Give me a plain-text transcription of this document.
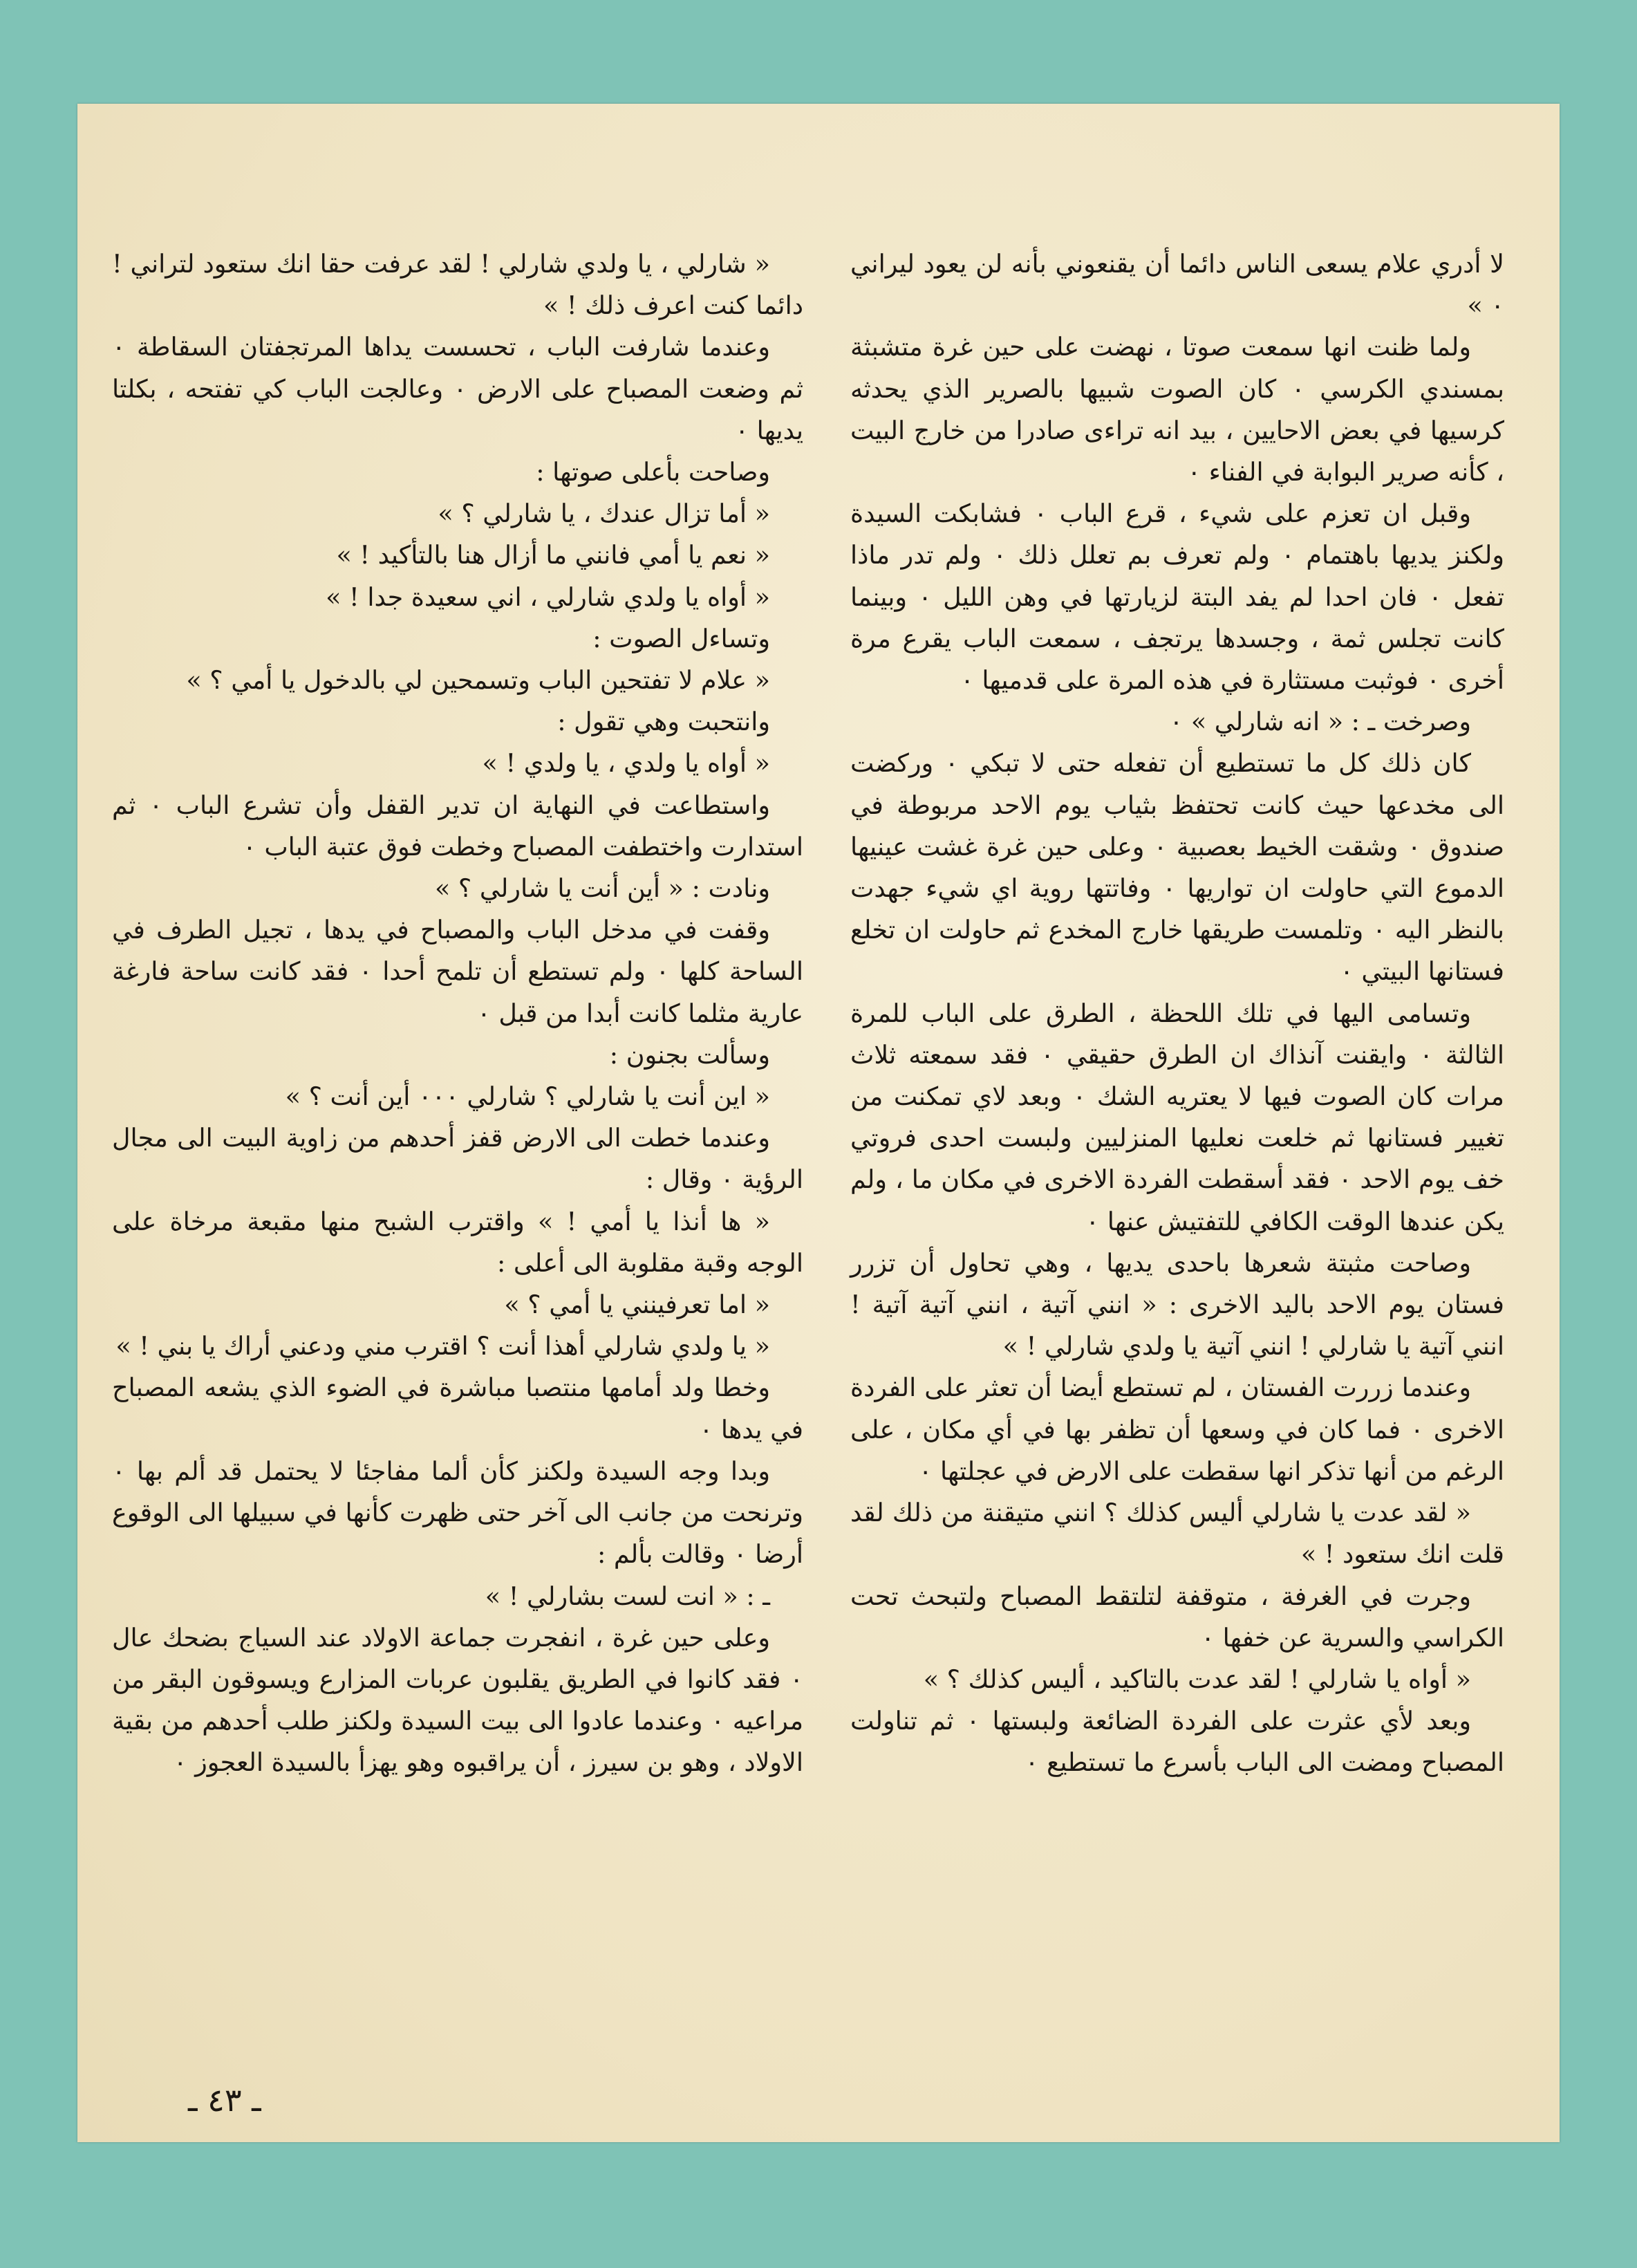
لا أدري علام يسعى الناس دائما أن يقنعوني بأنه لن يعود ليراني ٠ »

ولما ظنت انها سمعت صوتا ، نهضت على حين غرة متشبثة بمسندي الكرسي ٠ كان الصوت شبيها بالصرير الذي يحدثه كرسيها في بعض الاحايين ، بيد انه تراءى صادرا من خارج البيت ، كأنه صرير البوابة في الفناء ٠

وقبل ان تعزم على شيء ، قرع الباب ٠ فشابكت السيدة ولكنز يديها باهتمام ٠ ولم تعرف بم تعلل ذلك ٠ ولم تدر ماذا تفعل ٠ فان احدا لم يفد البتة لزيارتها في وهن الليل ٠ وبينما كانت تجلس ثمة ، وجسدها يرتجف ، سمعت الباب يقرع مرة أخرى ٠ فوثبت مستثارة في هذه المرة على قدميها ٠

وصرخت ـ : « انه شارلي » ٠

كان ذلك كل ما تستطيع أن تفعله حتى لا تبكي ٠ وركضت الى مخدعها حيث كانت تحتفظ بثياب يوم الاحد مربوطة في صندوق ٠ وشقت الخيط بعصبية ٠ وعلى حين غرة غشت عينيها الدموع التي حاولت ان تواريها ٠ وفاتتها روية اي شيء جهدت بالنظر اليه ٠ وتلمست طريقها خارج المخدع ثم حاولت ان تخلع فستانها البيتي ٠

وتسامى اليها في تلك اللحظة ، الطرق على الباب للمرة الثالثة ٠ وايقنت آنذاك ان الطرق حقيقي ٠ فقد سمعته ثلاث مرات كان الصوت فيها لا يعتريه الشك ٠ وبعد لاي تمكنت من تغيير فستانها ثم خلعت نعليها المنزليين ولبست احدى فروتي خف يوم الاحد ٠ فقد أسقطت الفردة الاخرى في مكان ما ، ولم يكن عندها الوقت الكافي للتفتيش عنها ٠

وصاحت مثبتة شعرها باحدى يديها ، وهي تحاول أن تزرر فستان يوم الاحد باليد الاخرى : « انني آتية ، انني آتية آتية ! انني آتية يا شارلي ! انني آتية يا ولدي شارلي ! »

وعندما زررت الفستان ، لم تستطع أيضا أن تعثر على الفردة الاخرى ٠ فما كان في وسعها أن تظفر بها في أي مكان ، على الرغم من أنها تذكر انها سقطت على الارض في عجلتها ٠

« لقد عدت يا شارلي أليس كذلك ؟ انني متيقنة من ذلك لقد قلت انك ستعود ! »

وجرت في الغرفة ، متوقفة لتلتقط المصباح ولتبحث تحت الكراسي والسرية عن خفها ٠

« أواه يا شارلي ! لقد عدت بالتاكيد ، أليس كذلك ؟ »

وبعد لأي عثرت على الفردة الضائعة ولبستها ٠ ثم تناولت المصباح ومضت الى الباب بأسرع ما تستطيع ٠

« شارلي ، يا ولدي شارلي ! لقد عرفت حقا انك ستعود لتراني ! دائما كنت اعرف ذلك ! »

وعندما شارفت الباب ، تحسست يداها المرتجفتان السقاطة ٠ ثم وضعت المصباح على الارض ٠ وعالجت الباب كي تفتحه ، بكلتا يديها ٠

وصاحت بأعلى صوتها :

« أما تزال عندك ، يا شارلي ؟ »

« نعم يا أمي فانني ما أزال هنا بالتأكيد ! »

« أواه يا ولدي شارلي ، اني سعيدة جدا ! »

وتساءل الصوت :

« علام لا تفتحين الباب وتسمحين لي بالدخول يا أمي ؟ »

وانتحبت وهي تقول :

« أواه يا ولدي ، يا ولدي ! »

واستطاعت في النهاية ان تدير القفل وأن تشرع الباب ٠ ثم استدارت واختطفت المصباح وخطت فوق عتبة الباب ٠

ونادت : « أين أنت يا شارلي ؟ »

وقفت في مدخل الباب والمصباح في يدها ، تجيل الطرف في الساحة كلها ٠ ولم تستطع أن تلمح أحدا ٠ فقد كانت ساحة فارغة عارية مثلما كانت أبدا من قبل ٠

وسألت بجنون :

« اين أنت يا شارلي ؟ شارلي ٠٠٠ أين أنت ؟ »

وعندما خطت الى الارض قفز أحدهم من زاوية البيت الى مجال الرؤية ٠ وقال :

« ها أنذا يا أمي ! » واقترب الشبح منها مقبعة مرخاة على الوجه وقبة مقلوبة الى أعلى :

« اما تعرفينني يا أمي ؟ »

« يا ولدي شارلي أهذا أنت ؟ اقترب مني ودعني أراك يا بني ! »

وخطا ولد أمامها منتصبا مباشرة في الضوء الذي يشعه المصباح في يدها ٠

وبدا وجه السيدة ولكنز كأن ألما مفاجئا لا يحتمل قد ألم بها ٠ وترنحت من جانب الى آخر حتى ظهرت كأنها في سبيلها الى الوقوع أرضا ٠ وقالت بألم :

ـ : « انت لست بشارلي ! »

وعلى حين غرة ، انفجرت جماعة الاولاد عند السياج بضحك عال ٠ فقد كانوا في الطريق يقلبون عربات المزارع ويسوقون البقر من مراعيه ٠ وعندما عادوا الى بيت السيدة ولكنز طلب أحدهم من بقية الاولاد ، وهو بن سيرز ، أن يراقبوه وهو يهزأ بالسيدة العجوز ٠

ـ ٤٣ ـ
